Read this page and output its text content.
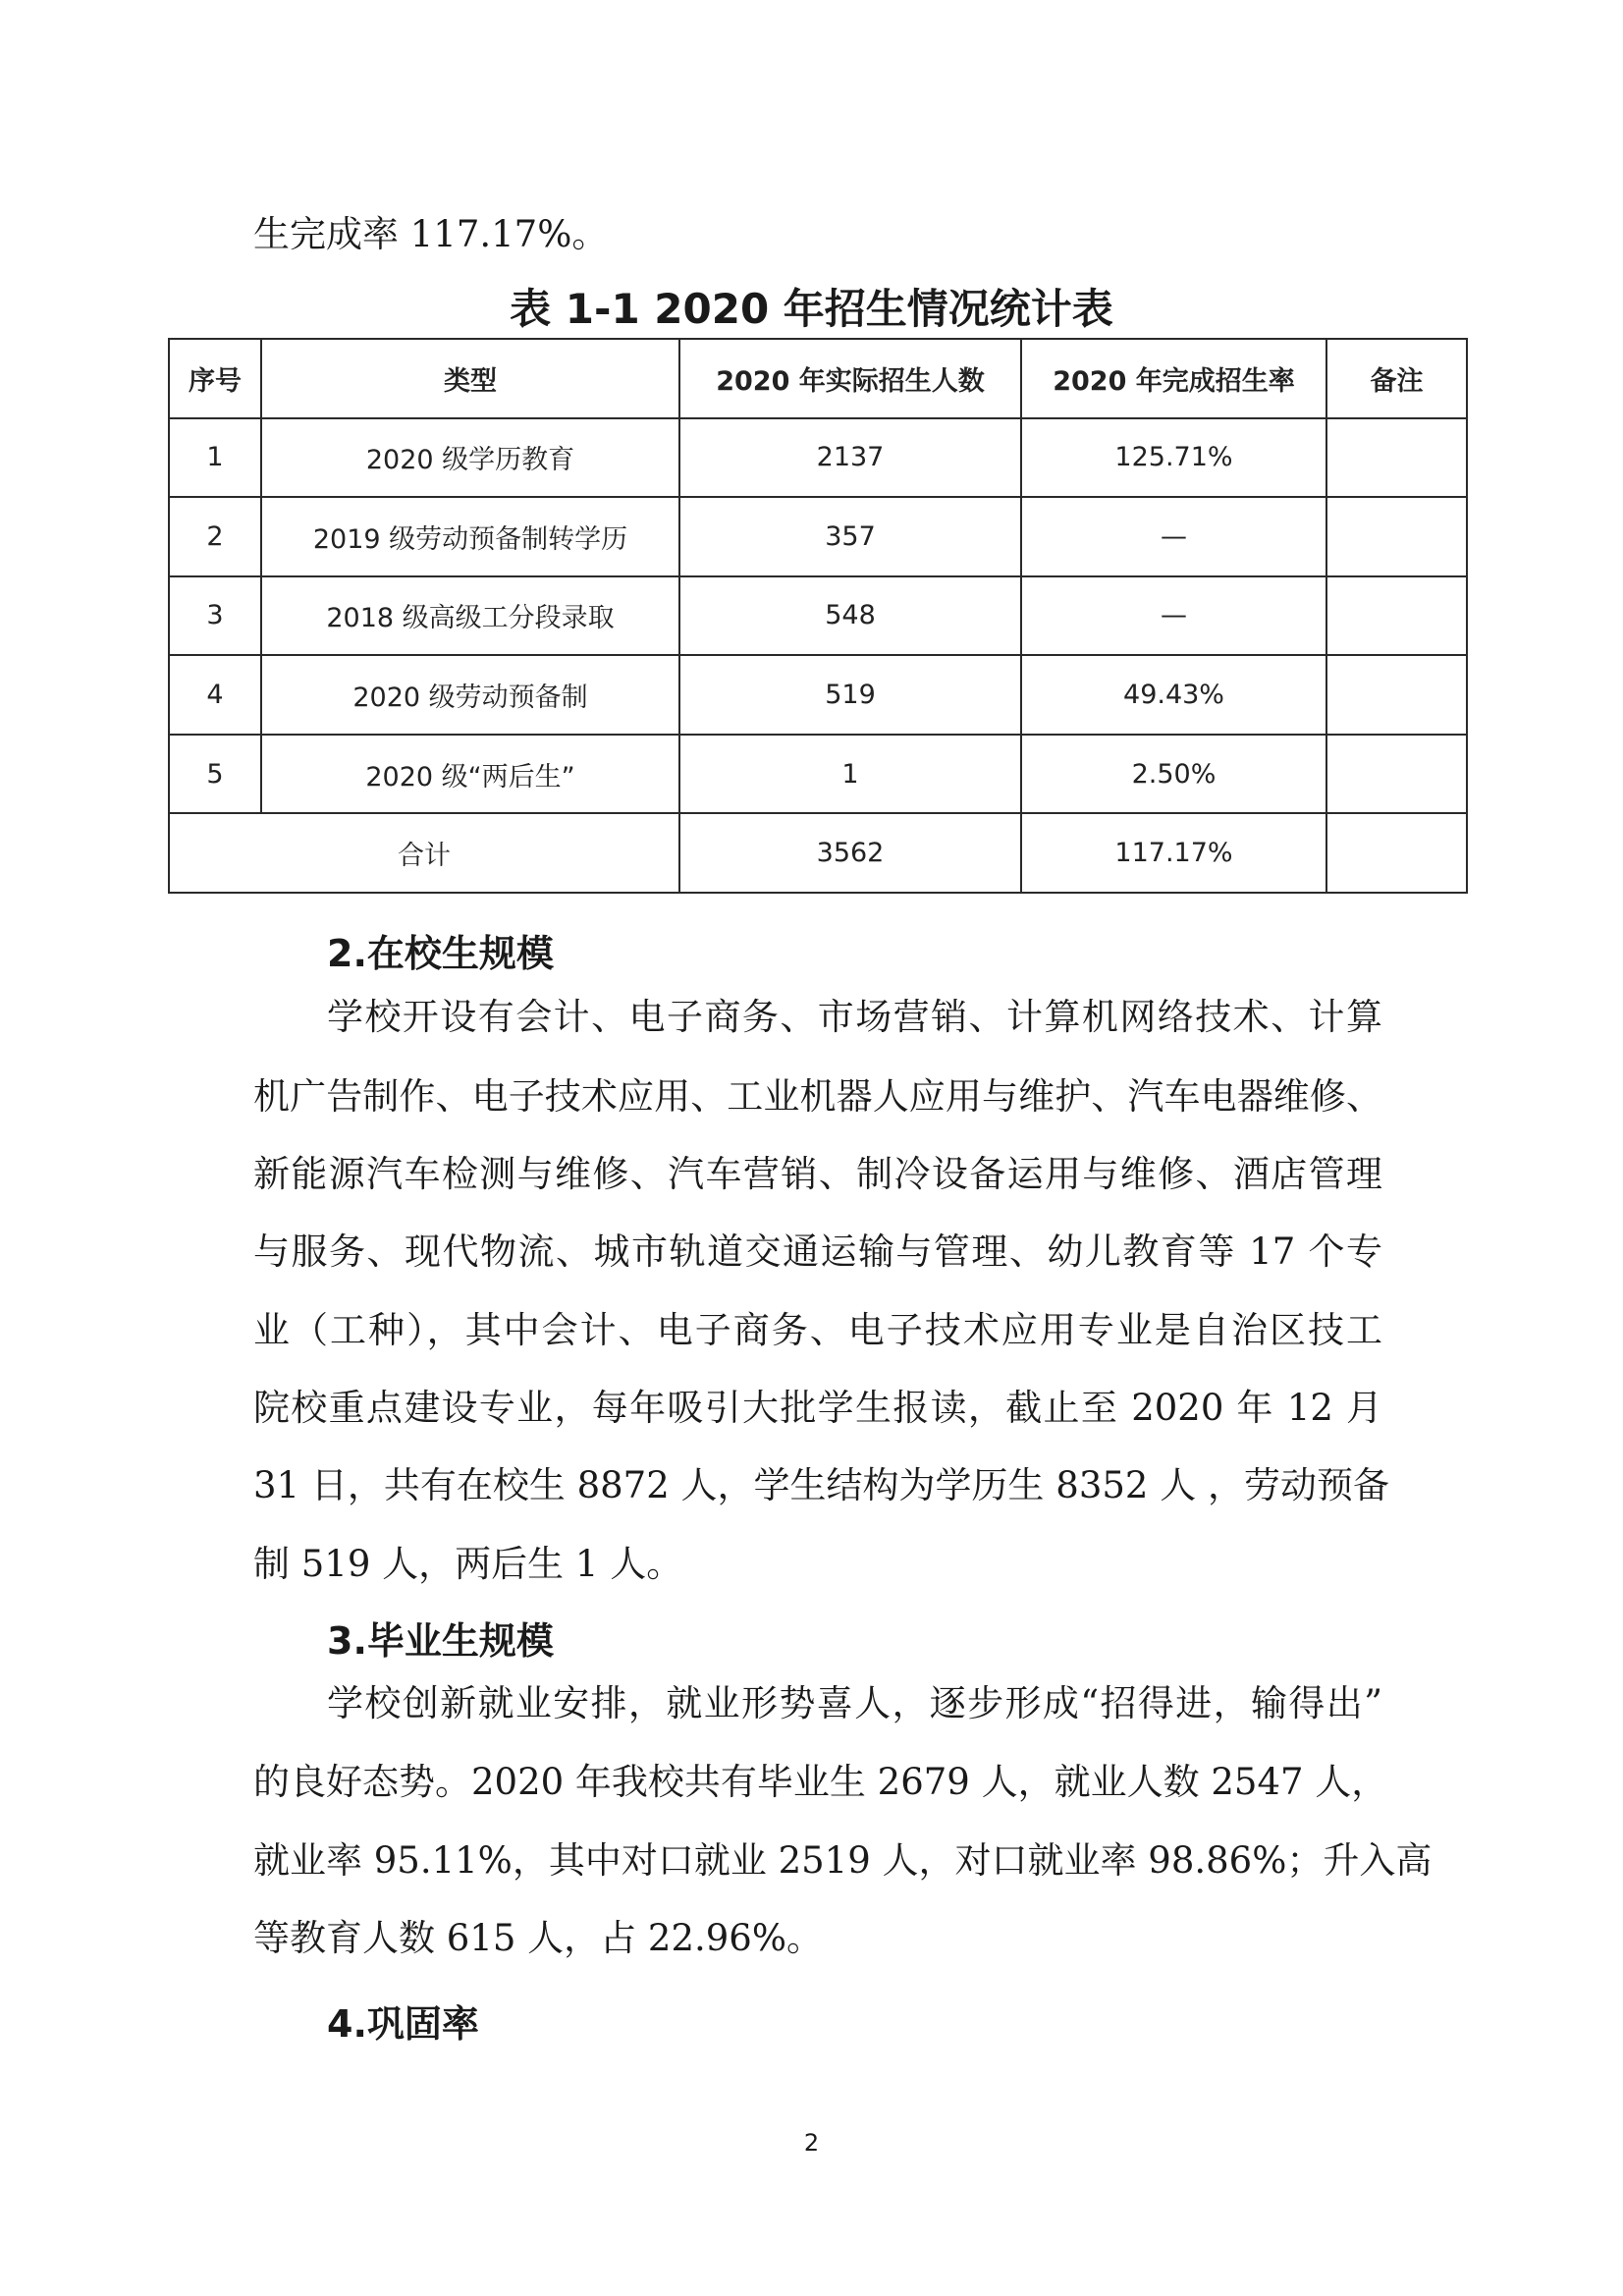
生完成率 117.17%。
表 1-1 2020 年招生情况统计表
序号	类型	2020 年实际招生人数	2020 年完成招生率	备注
1	2020 级学历教育	2137	125.71%	
2	2019 级劳动预备制转学历	357	—	
3	2018 级高级工分段录取	548	—	
4	2020 级劳动预备制	519	49.43%	
5	2020 级“两后生”	1	2.50%	
合计		3562	117.17%	
2.在校生规模
学校开设有会计、电子商务、市场营销、计算机网络技术、计算
机广告制作、电子技术应用、工业机器人应用与维护、汽车电器维修、
新能源汽车检测与维修、汽车营销、制冷设备运用与维修、酒店管理
与服务、现代物流、城市轨道交通运输与管理、幼儿教育等 17 个专
业（工种），其中会计、电子商务、电子技术应用专业是自治区技工
院校重点建设专业，每年吸引大批学生报读，截止至 2020 年 12 月
31 日，共有在校生 8872 人，学生结构为学历生 8352 人 ，劳动预备
制 519 人，两后生 1 人。
3.毕业生规模
学校创新就业安排，就业形势喜人，逐步形成“招得进，输得出”
的良好态势。2020 年我校共有毕业生 2679 人，就业人数 2547 人，
就业率 95.11%，其中对口就业 2519 人，对口就业率 98.86%；升入高
等教育人数 615 人，占 22.96%。
4.巩固率
2
